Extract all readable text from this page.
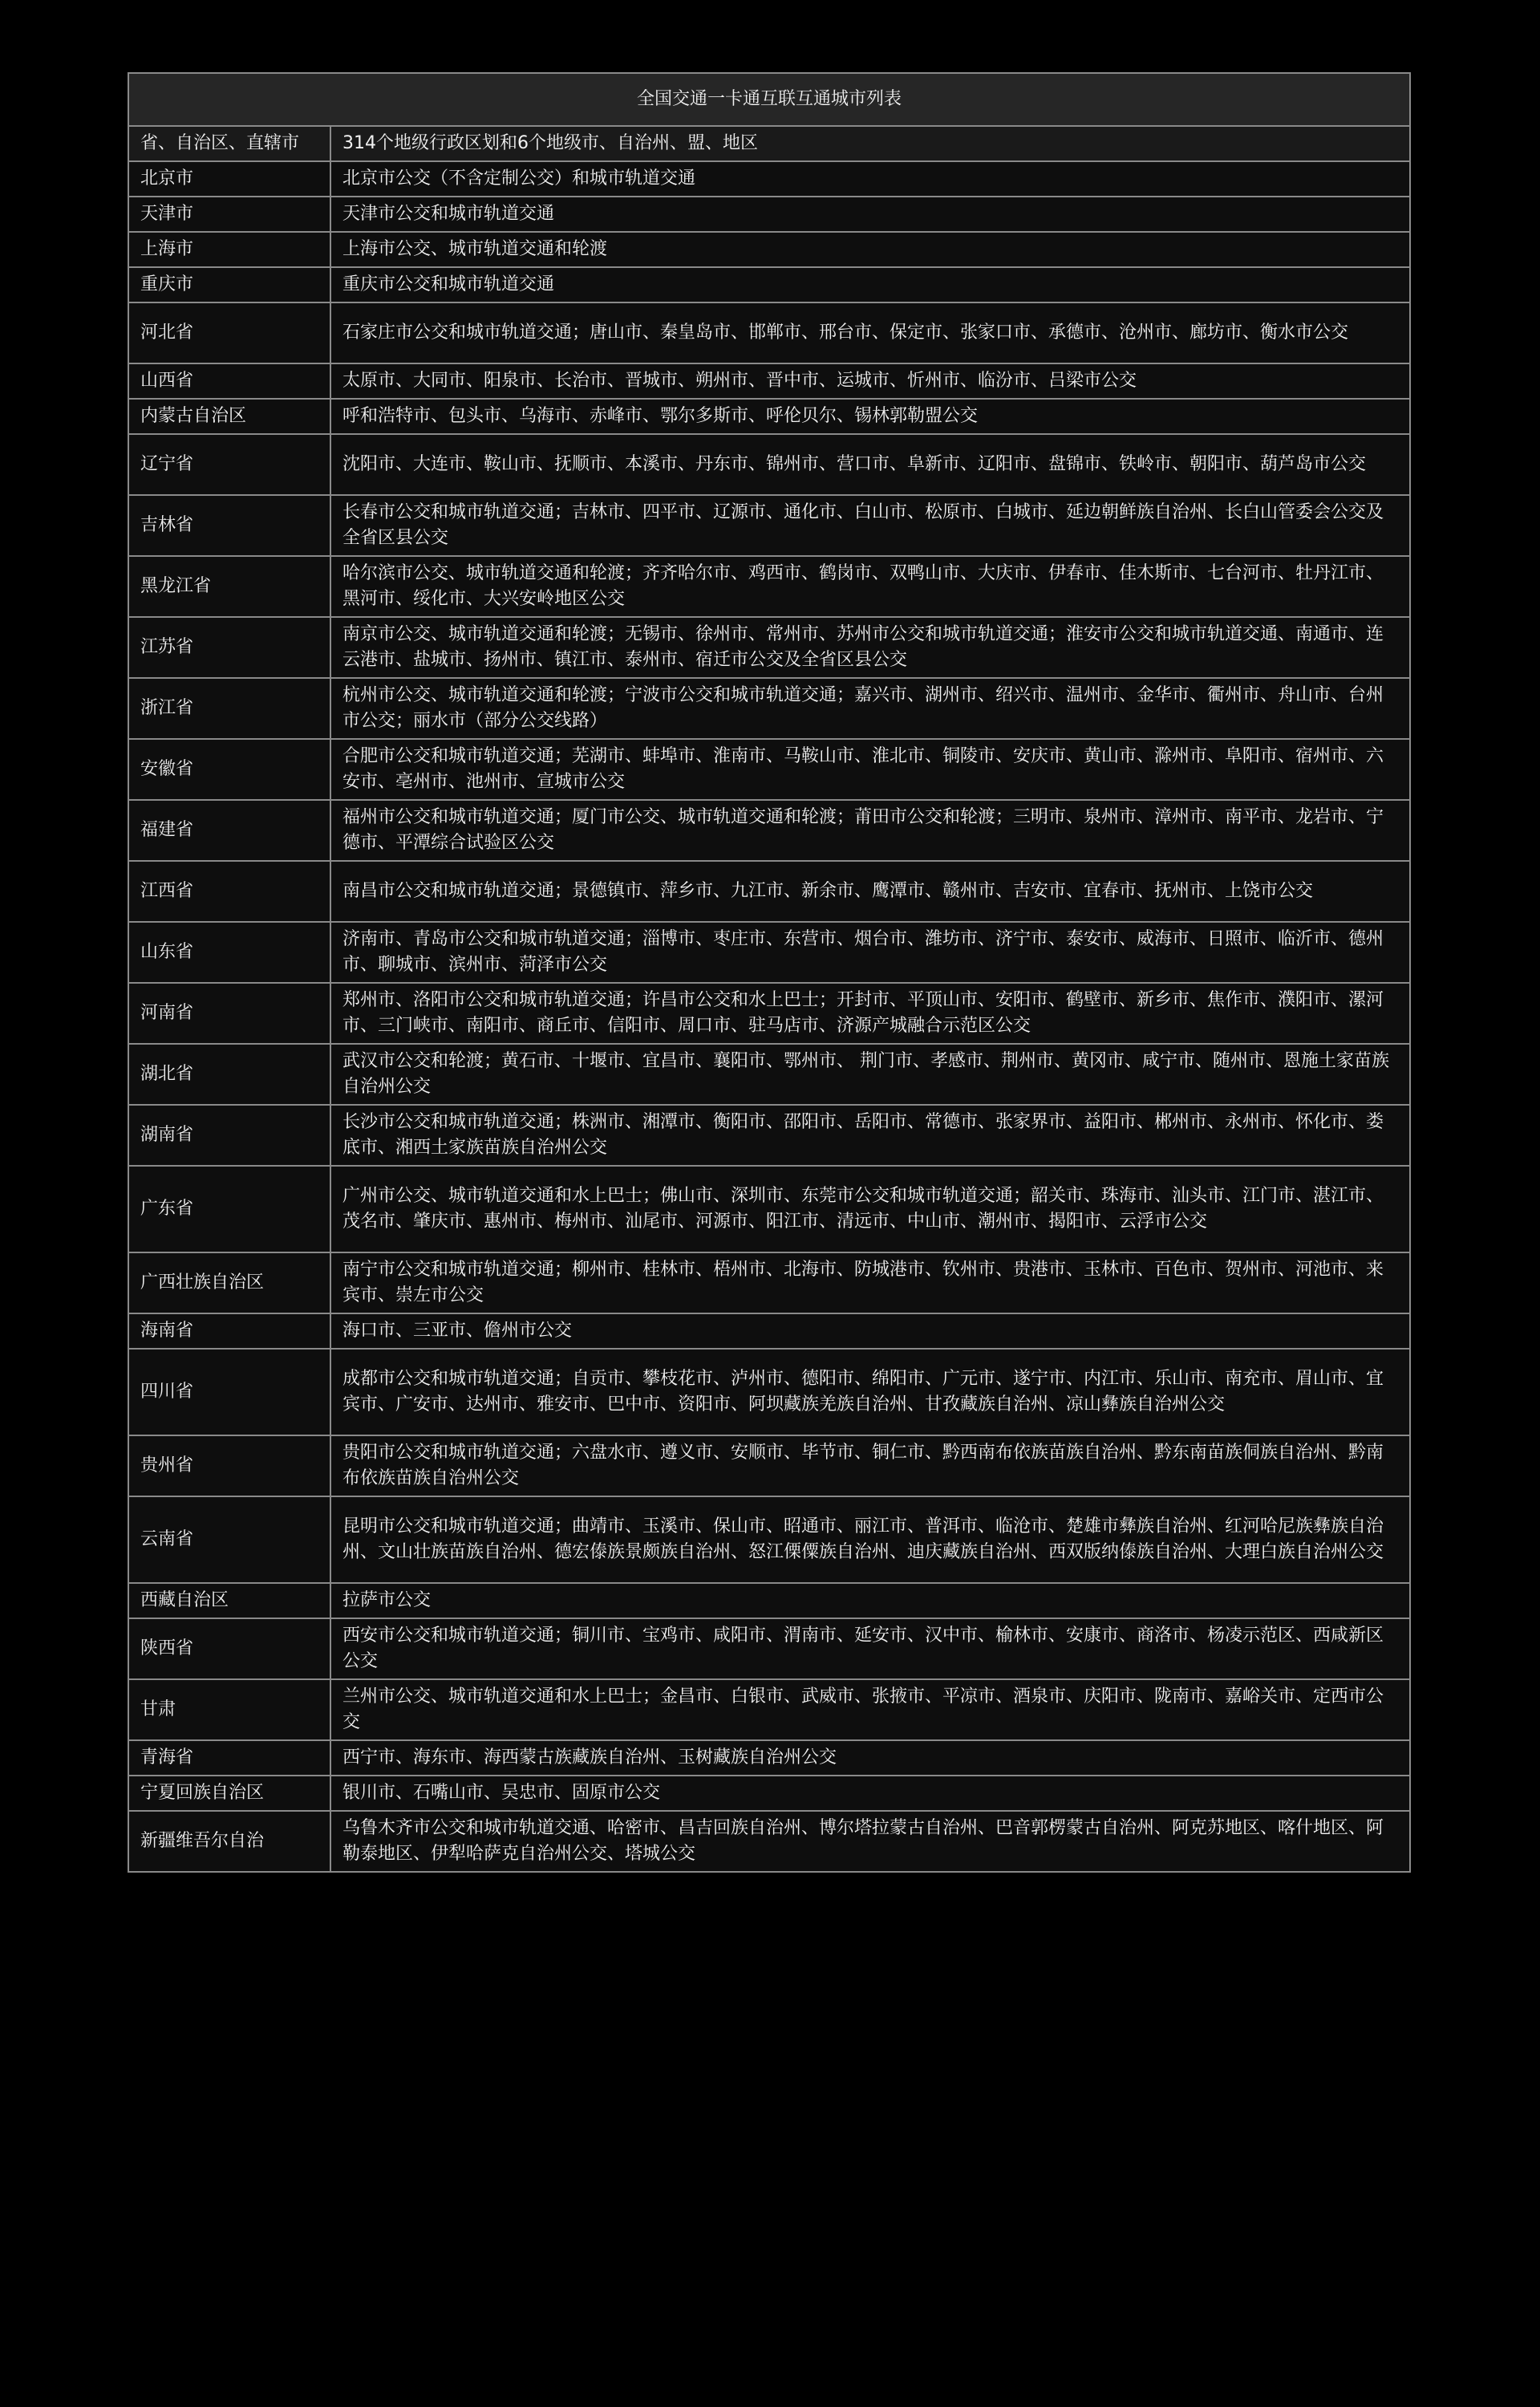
全国交通一卡通互联互通城市列表	
省、自治区、直辖市	314个地级行政区划和6个地级市、自治州、盟、地区
北京市	北京市公交（不含定制公交）和城市轨道交通
天津市	天津市公交和城市轨道交通
上海市	上海市公交、城市轨道交通和轮渡
重庆市	重庆市公交和城市轨道交通
河北省	石家庄市公交和城市轨道交通；唐山市、秦皇岛市、邯郸市、邢台市、保定市、张家口市、承德市、沧州市、廊坊市、衡水市公交
山西省	太原市、大同市、阳泉市、长治市、晋城市、朔州市、晋中市、运城市、忻州市、临汾市、吕梁市公交
内蒙古自治区	呼和浩特市、包头市、乌海市、赤峰市、鄂尔多斯市、呼伦贝尔、锡林郭勒盟公交
辽宁省	沈阳市、大连市、鞍山市、抚顺市、本溪市、丹东市、锦州市、营口市、阜新市、辽阳市、盘锦市、铁岭市、朝阳市、葫芦岛市公交
吉林省	长春市公交和城市轨道交通；吉林市、四平市、辽源市、通化市、白山市、松原市、白城市、延边朝鲜族自治州、长白山管委会公交及全省区县公交
黑龙江省	哈尔滨市公交、城市轨道交通和轮渡；齐齐哈尔市、鸡西市、鹤岗市、双鸭山市、大庆市、伊春市、佳木斯市、七台河市、牡丹江市、黑河市、绥化市、大兴安岭地区公交
江苏省	南京市公交、城市轨道交通和轮渡；无锡市、徐州市、常州市、苏州市公交和城市轨道交通；淮安市公交和城市轨道交通、南通市、连云港市、盐城市、扬州市、镇江市、泰州市、宿迁市公交及全省区县公交
浙江省	杭州市公交、城市轨道交通和轮渡；宁波市公交和城市轨道交通；嘉兴市、湖州市、绍兴市、温州市、金华市、衢州市、舟山市、台州市公交；丽水市（部分公交线路）
安徽省	合肥市公交和城市轨道交通；芜湖市、蚌埠市、淮南市、马鞍山市、淮北市、铜陵市、安庆市、黄山市、滁州市、阜阳市、宿州市、六安市、亳州市、池州市、宣城市公交
福建省	福州市公交和城市轨道交通；厦门市公交、城市轨道交通和轮渡；莆田市公交和轮渡；三明市、泉州市、漳州市、南平市、龙岩市、宁德市、平潭综合试验区公交
江西省	南昌市公交和城市轨道交通；景德镇市、萍乡市、九江市、新余市、鹰潭市、赣州市、吉安市、宜春市、抚州市、上饶市公交
山东省	济南市、青岛市公交和城市轨道交通；淄博市、枣庄市、东营市、烟台市、潍坊市、济宁市、泰安市、威海市、日照市、临沂市、德州市、聊城市、滨州市、菏泽市公交
河南省	郑州市、洛阳市公交和城市轨道交通；许昌市公交和水上巴士；开封市、平顶山市、安阳市、鹤壁市、新乡市、焦作市、濮阳市、漯河市、三门峡市、南阳市、商丘市、信阳市、周口市、驻马店市、济源产城融合示范区公交
湖北省	武汉市公交和轮渡；黄石市、十堰市、宜昌市、襄阳市、鄂州市、 荆门市、孝感市、荆州市、黄冈市、咸宁市、随州市、恩施土家苗族自治州公交
湖南省	长沙市公交和城市轨道交通；株洲市、湘潭市、衡阳市、邵阳市、岳阳市、常德市、张家界市、益阳市、郴州市、永州市、怀化市、娄底市、湘西土家族苗族自治州公交
广东省	广州市公交、城市轨道交通和水上巴士；佛山市、深圳市、东莞市公交和城市轨道交通；韶关市、珠海市、汕头市、江门市、湛江市、茂名市、肇庆市、惠州市、梅州市、汕尾市、河源市、阳江市、清远市、中山市、潮州市、揭阳市、云浮市公交
广西壮族自治区	南宁市公交和城市轨道交通；柳州市、桂林市、梧州市、北海市、防城港市、钦州市、贵港市、玉林市、百色市、贺州市、河池市、来宾市、崇左市公交
海南省	海口市、三亚市、儋州市公交
四川省	成都市公交和城市轨道交通；自贡市、攀枝花市、泸州市、德阳市、绵阳市、广元市、遂宁市、内江市、乐山市、南充市、眉山市、宜宾市、广安市、达州市、雅安市、巴中市、资阳市、阿坝藏族羌族自治州、甘孜藏族自治州、凉山彝族自治州公交
贵州省	贵阳市公交和城市轨道交通；六盘水市、遵义市、安顺市、毕节市、铜仁市、黔西南布依族苗族自治州、黔东南苗族侗族自治州、黔南布依族苗族自治州公交
云南省	昆明市公交和城市轨道交通；曲靖市、玉溪市、保山市、昭通市、丽江市、普洱市、临沧市、楚雄市彝族自治州、红河哈尼族彝族自治州、文山壮族苗族自治州、德宏傣族景颇族自治州、怒江傈僳族自治州、迪庆藏族自治州、西双版纳傣族自治州、大理白族自治州公交
西藏自治区	拉萨市公交
陕西省	西安市公交和城市轨道交通；铜川市、宝鸡市、咸阳市、渭南市、延安市、汉中市、榆林市、安康市、商洛市、杨凌示范区、西咸新区公交
甘肃	兰州市公交、城市轨道交通和水上巴士；金昌市、白银市、武威市、张掖市、平凉市、酒泉市、庆阳市、陇南市、嘉峪关市、定西市公交
青海省	西宁市、海东市、海西蒙古族藏族自治州、玉树藏族自治州公交
宁夏回族自治区	银川市、石嘴山市、吴忠市、固原市公交
新疆维吾尔自治	乌鲁木齐市公交和城市轨道交通、哈密市、昌吉回族自治州、博尔塔拉蒙古自治州、巴音郭楞蒙古自治州、阿克苏地区、喀什地区、阿勒泰地区、伊犁哈萨克自治州公交、塔城公交
